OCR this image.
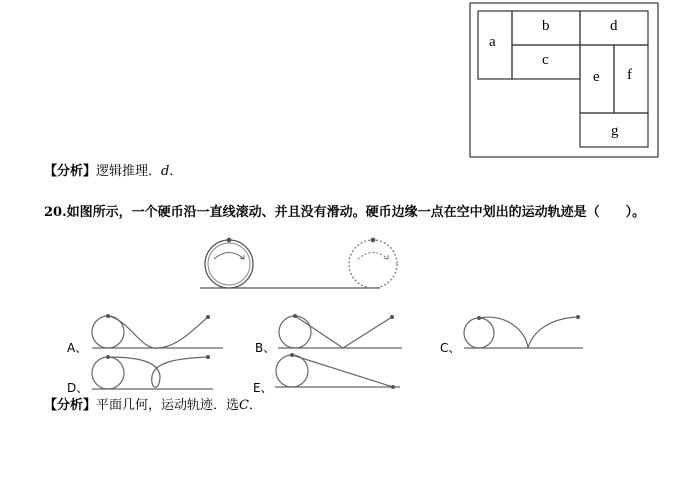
a
b
c
d
e f
g
【分析】逻辑推理．d．
20.如图所示，一个硬币沿一直线滚动、并且没有滑动。硬币边缘一点在空中划出的运动轨迹是（　　）。
A、	B、	C、
D、	E、
【分析】平面几何，运动轨迹．选C．
